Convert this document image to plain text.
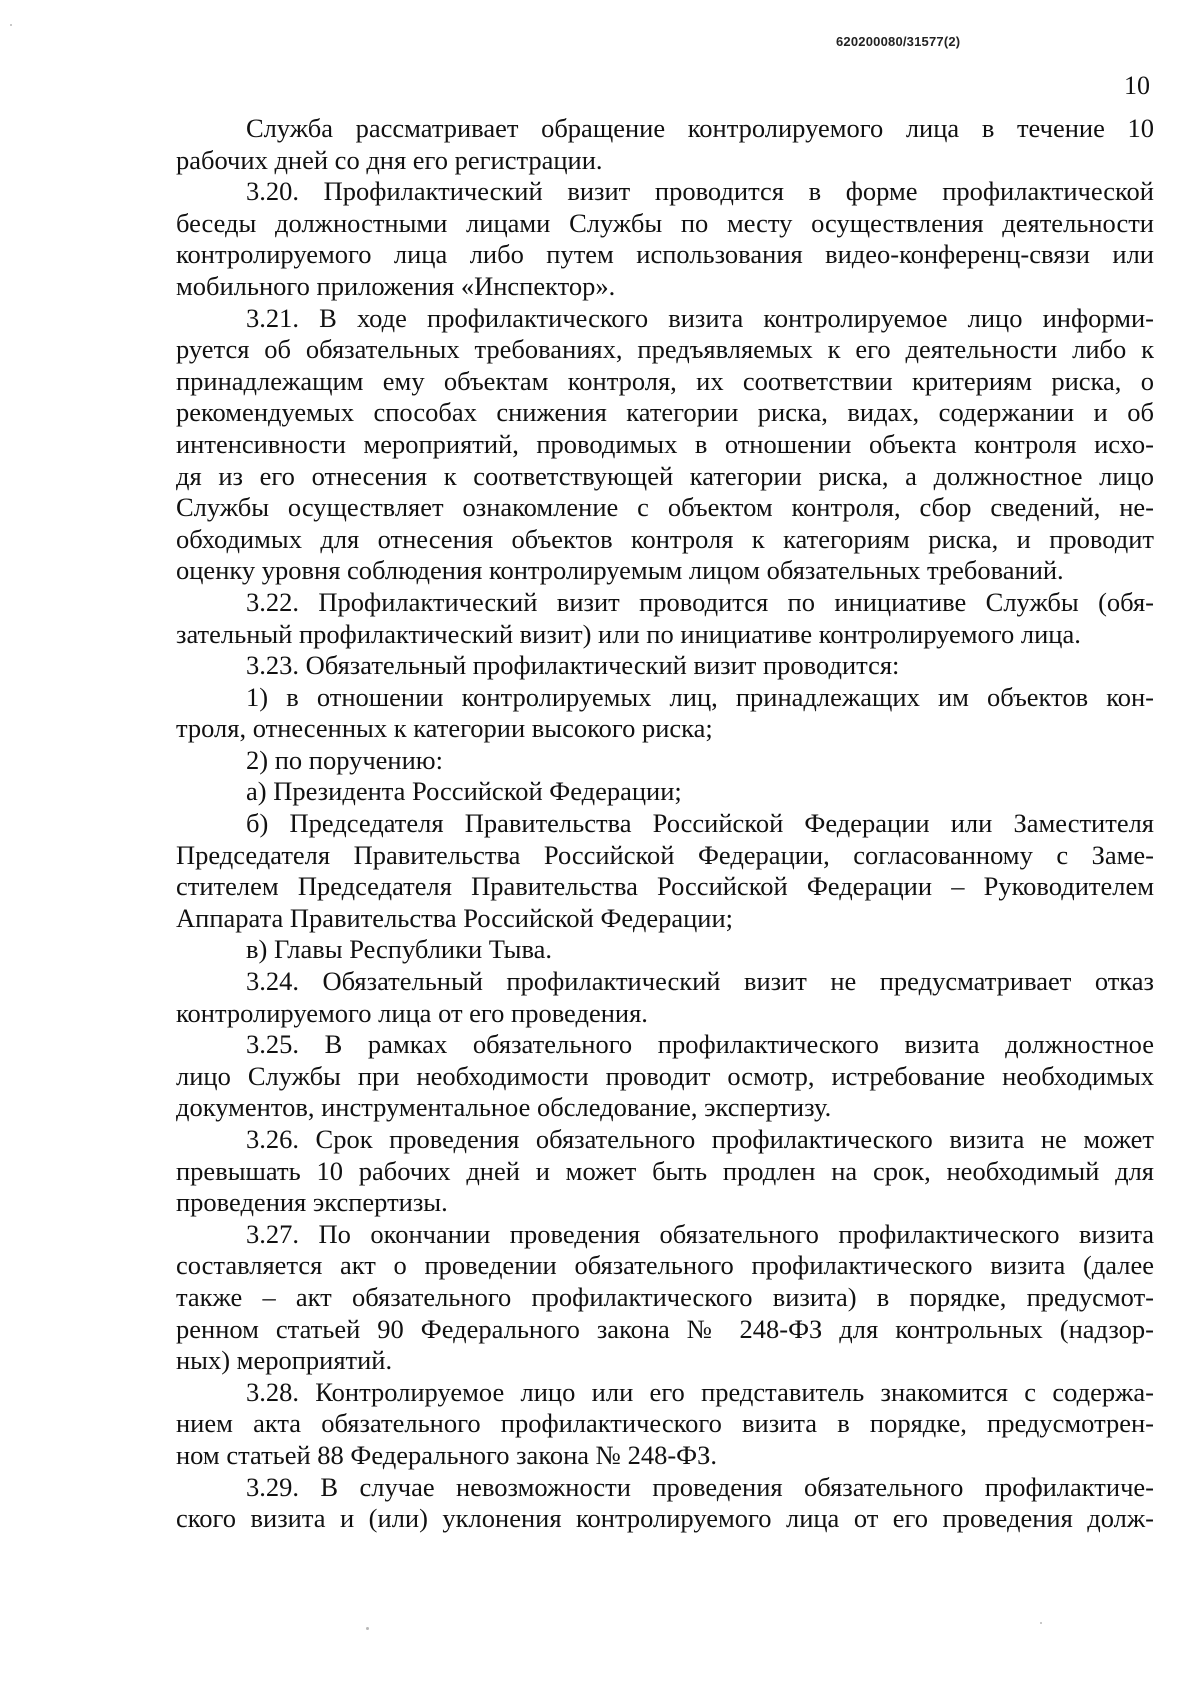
620200080/31577(2)
10
Служба рассматривает обращение контролируемого лица в течение 10
рабочих дней со дня его регистрации.
3.20. Профилактический визит проводится в форме профилактической
беседы должностными лицами Службы по месту осуществления деятельности
контролируемого лица либо путем использования видео-конференц-связи или
мобильного приложения «Инспектор».
3.21. В ходе профилактического визита контролируемое лицо информи-
руется об обязательных требованиях, предъявляемых к его деятельности либо к
принадлежащим ему объектам контроля, их соответствии критериям риска, о
рекомендуемых способах снижения категории риска, видах, содержании и об
интенсивности мероприятий, проводимых в отношении объекта контроля исхо-
дя из его отнесения к соответствующей категории риска, а должностное лицо
Службы осуществляет ознакомление с объектом контроля, сбор сведений, не-
обходимых для отнесения объектов контроля к категориям риска, и проводит
оценку уровня соблюдения контролируемым лицом обязательных требований.
3.22. Профилактический визит проводится по инициативе Службы (обя-
зательный профилактический визит) или по инициативе контролируемого лица.
3.23. Обязательный профилактический визит проводится:
1) в отношении контролируемых лиц, принадлежащих им объектов кон-
троля, отнесенных к категории высокого риска;
2) по поручению:
а) Президента Российской Федерации;
б) Председателя Правительства Российской Федерации или Заместителя
Председателя Правительства Российской Федерации, согласованному с Заме-
стителем Председателя Правительства Российской Федерации – Руководителем
Аппарата Правительства Российской Федерации;
в) Главы Республики Тыва.
3.24. Обязательный профилактический визит не предусматривает отказ
контролируемого лица от его проведения.
3.25. В рамках обязательного профилактического визита должностное
лицо Службы при необходимости проводит осмотр, истребование необходимых
документов, инструментальное обследование, экспертизу.
3.26. Срок проведения обязательного профилактического визита не может
превышать 10 рабочих дней и может быть продлен на срок, необходимый для
проведения экспертизы.
3.27. По окончании проведения обязательного профилактического визита
составляется акт о проведении обязательного профилактического визита (далее
также – акт обязательного профилактического визита) в порядке, предусмот-
ренном статьей 90 Федерального закона № 248-ФЗ для контрольных (надзор-
ных) мероприятий.
3.28. Контролируемое лицо или его представитель знакомится с содержа-
нием акта обязательного профилактического визита в порядке, предусмотрен-
ном статьей 88 Федерального закона № 248-ФЗ.
3.29. В случае невозможности проведения обязательного профилактиче-
ского визита и (или) уклонения контролируемого лица от его проведения долж-
